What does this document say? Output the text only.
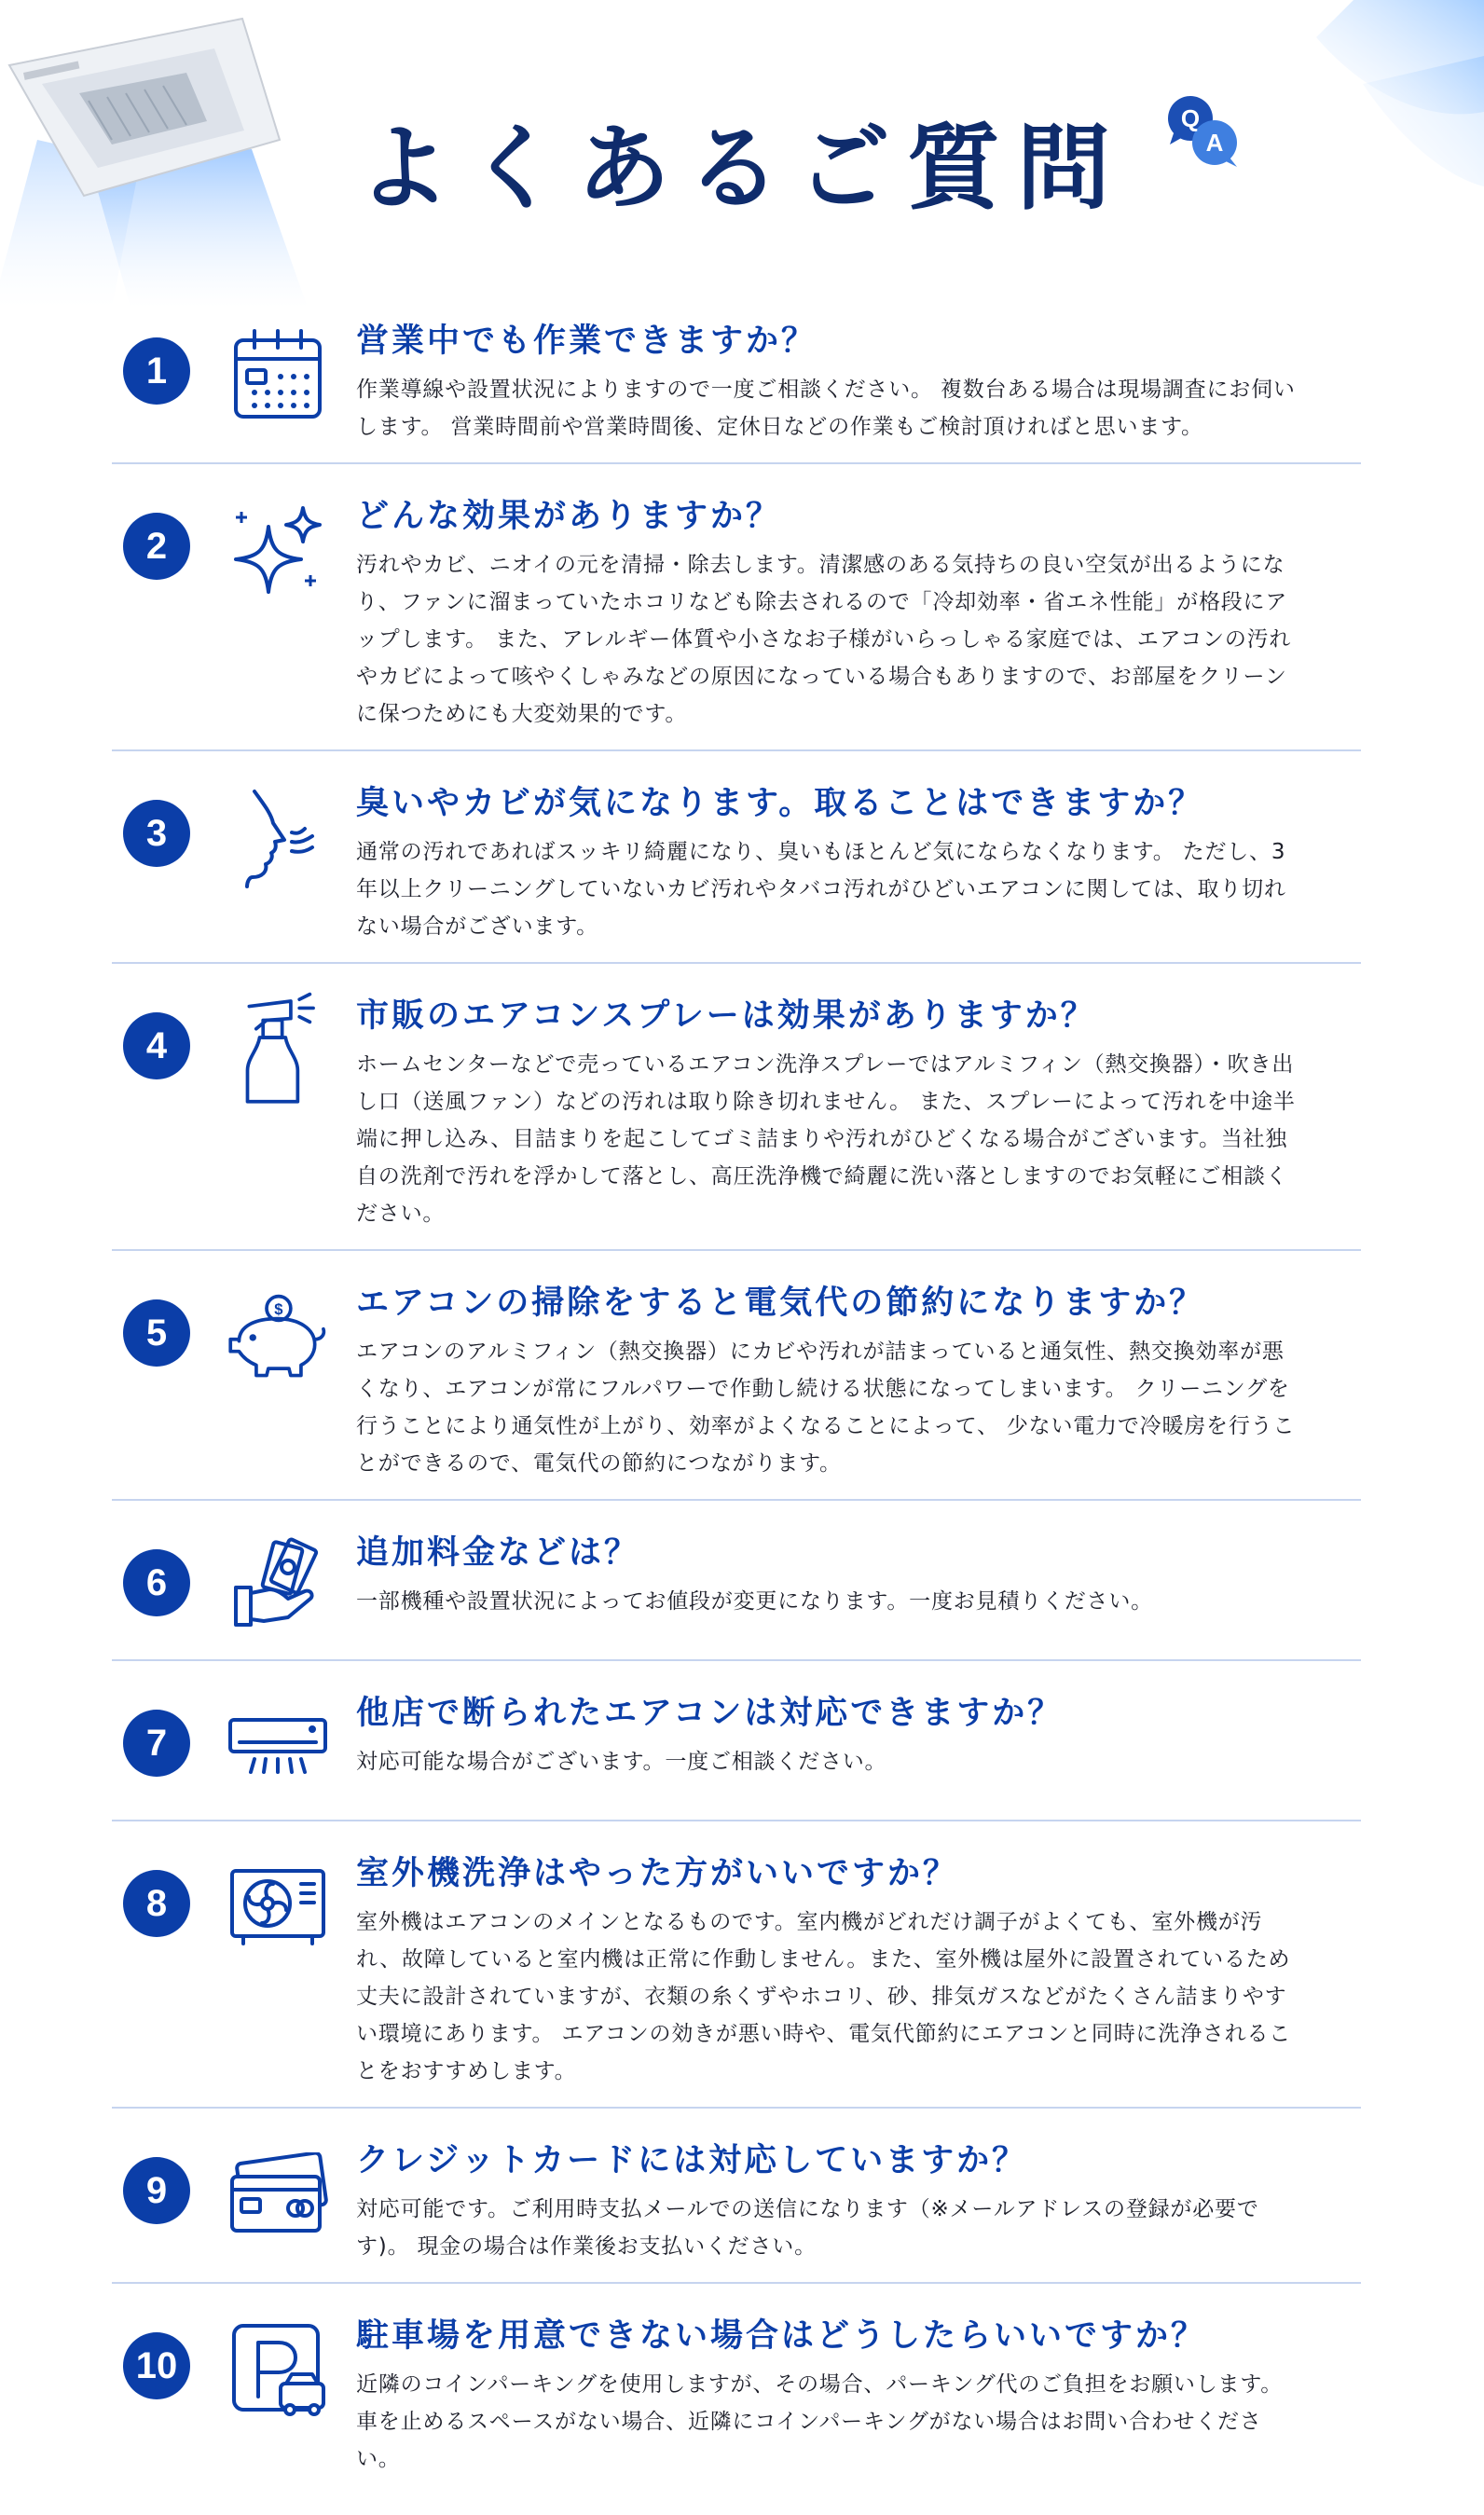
よくあるご質問	Q
A
1
営業中でも作業できますか？
作業導線や設置状況によりますので一度ご相談ください。 複数台ある場合は現場調査にお伺いします。 営業時間前や営業時間後、定休日などの作業もご検討頂ければと思います。
2
どんな効果がありますか？
汚れやカビ、ニオイの元を清掃・除去します。清潔感のある気持ちの良い空気が出るようになり、ファンに溜まっていたホコリなども除去されるので「冷却効率・省エネ性能」が格段にアップします。 また、アレルギー体質や小さなお子様がいらっしゃる家庭では、エアコンの汚れやカビによって咳やくしゃみなどの原因になっている場合もありますので、お部屋をクリーンに保つためにも大変効果的です。
3
臭いやカビが気になります。取ることはできますか？
通常の汚れであればスッキリ綺麗になり、臭いもほとんど気にならなくなります。 ただし、3年以上クリーニングしていないカビ汚れやタバコ汚れがひどいエアコンに関しては、取り切れない場合がございます。
4
市販のエアコンスプレーは効果がありますか？
ホームセンターなどで売っているエアコン洗浄スプレーではアルミフィン（熱交換器）・吹き出し口（送風ファン）などの汚れは取り除き切れません。 また、スプレーによって汚れを中途半端に押し込み、目詰まりを起こしてゴミ詰まりや汚れがひどくなる場合がございます。当社独自の洗剤で汚れを浮かして落とし、高圧洗浄機で綺麗に洗い落としますのでお気軽にご相談ください。
5
$ エアコンの掃除をすると電気代の節約になりますか？
エアコンのアルミフィン（熱交換器）にカビや汚れが詰まっていると通気性、熱交換効率が悪くなり、エアコンが常にフルパワーで作動し続ける状態になってしまいます。 クリーニングを行うことにより通気性が上がり、効率がよくなることによって、 少ない電力で冷暖房を行うことができるので、電気代の節約につながります。
6
追加料金などは？
一部機種や設置状況によってお値段が変更になります。一度お見積りください。
7
他店で断られたエアコンは対応できますか？
対応可能な場合がございます。一度ご相談ください。
8
室外機洗浄はやった方がいいですか？
室外機はエアコンのメインとなるものです。室内機がどれだけ調子がよくても、室外機が汚れ、故障していると室内機は正常に作動しません。また、室外機は屋外に設置されているため丈夫に設計されていますが、衣類の糸くずやホコリ、砂、排気ガスなどがたくさん詰まりやすい環境にあります。 エアコンの効きが悪い時や、電気代節約にエアコンと同時に洗浄されることをおすすめします。
9
クレジットカードには対応していますか？
対応可能です。ご利用時支払メールでの送信になります（※メールアドレスの登録が必要です)。 現金の場合は作業後お支払いください。
10
駐車場を用意できない場合はどうしたらいいですか？
近隣のコインパーキングを使用しますが、その場合、パーキング代のご負担をお願いします。 車を止めるスペースがない場合、近隣にコインパーキングがない場合はお問い合わせください。
